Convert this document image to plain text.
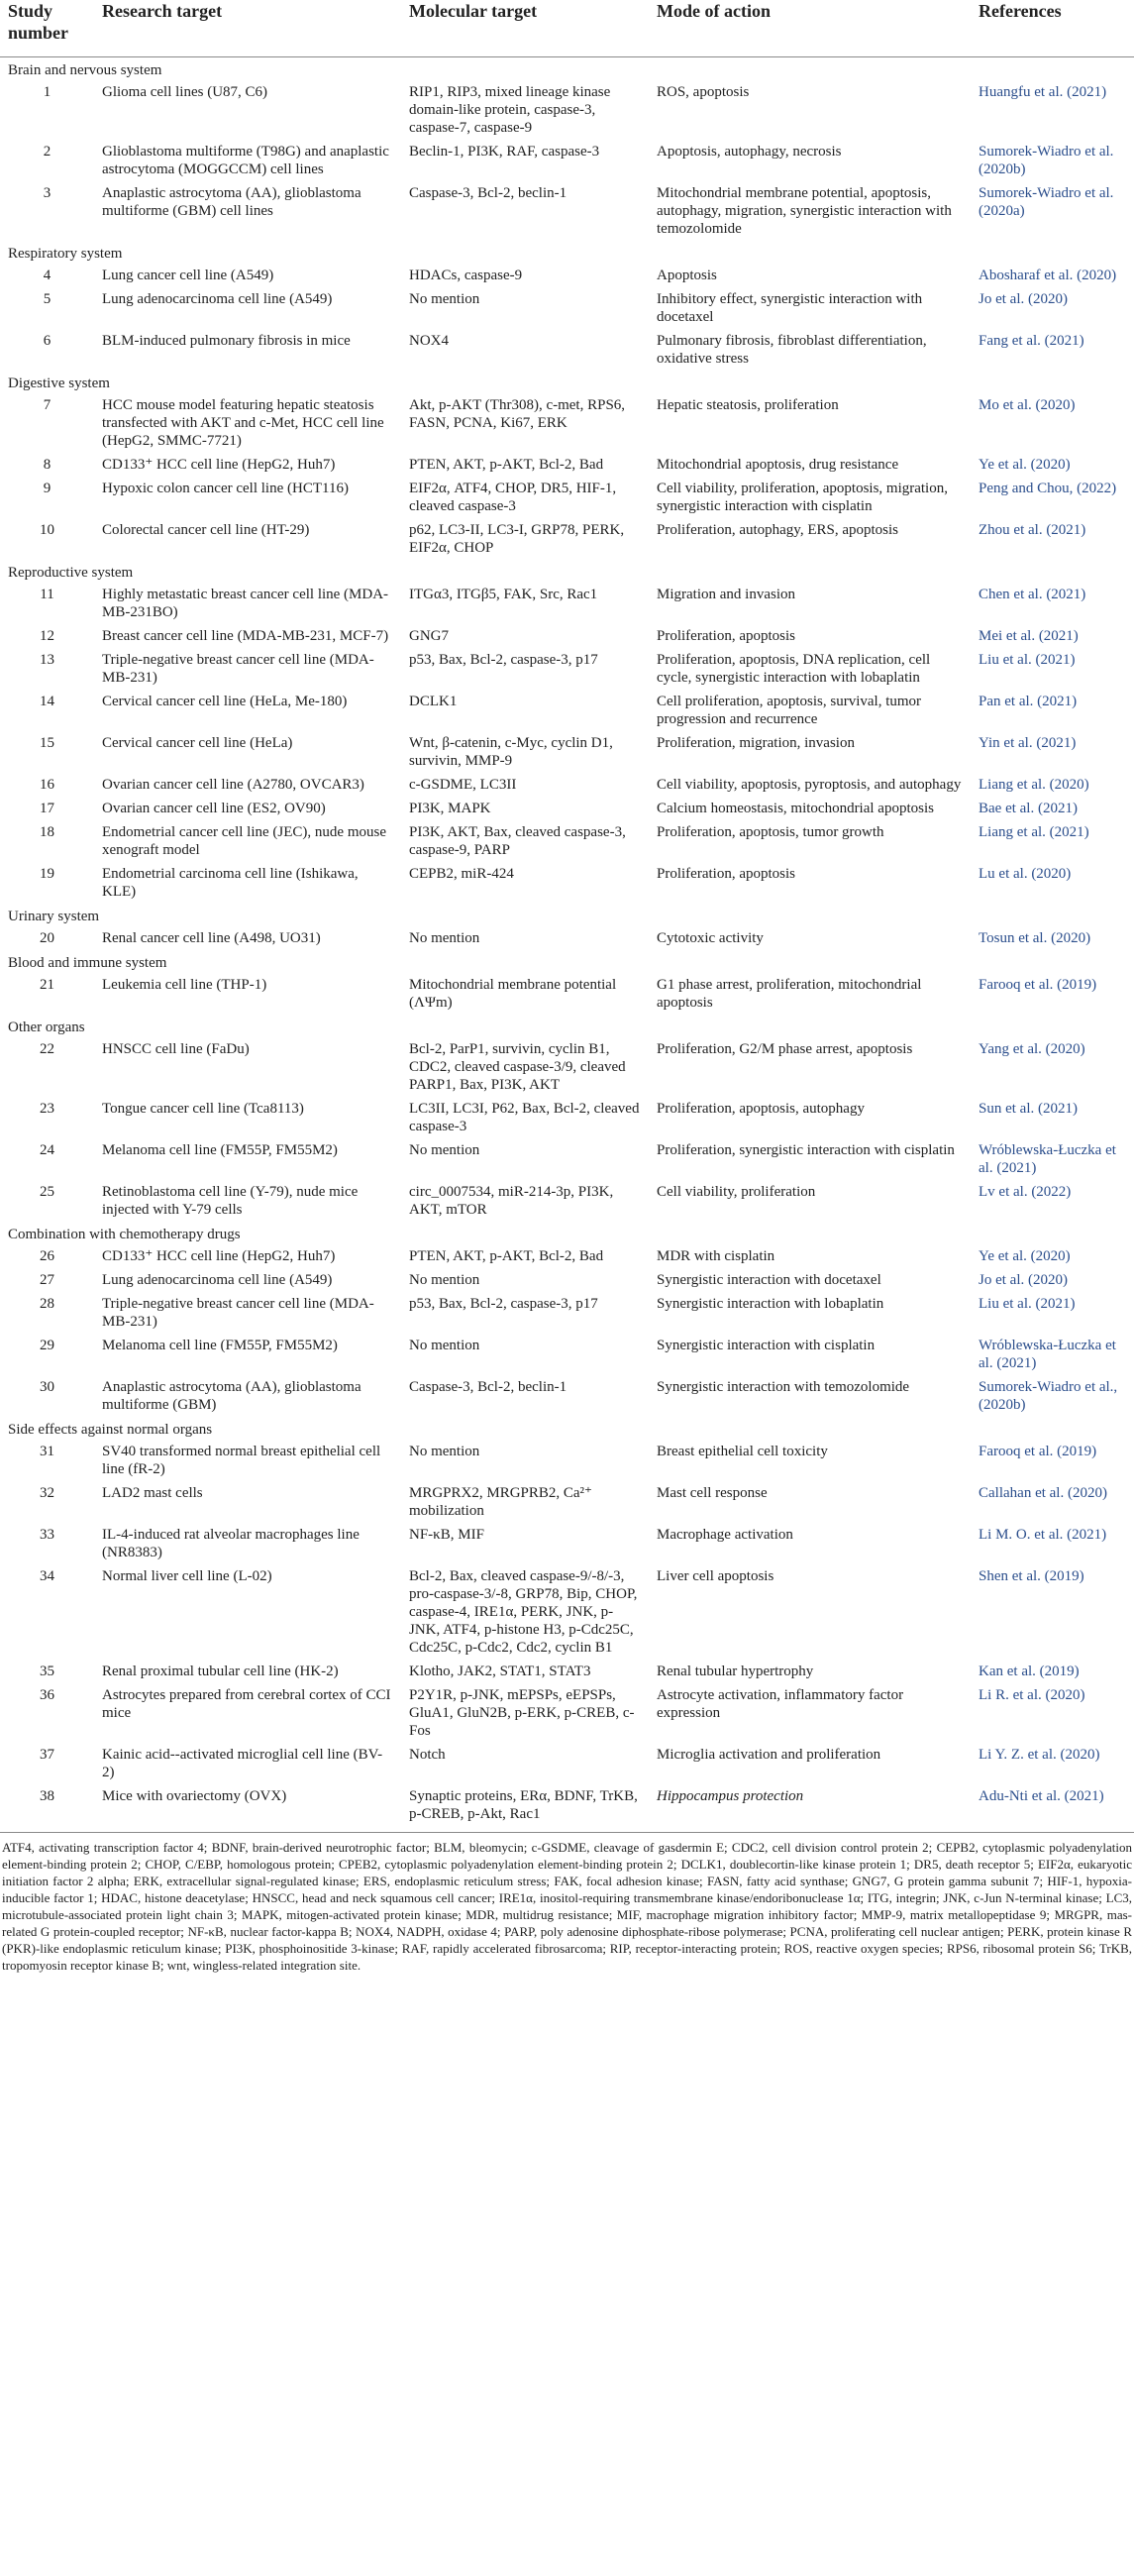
Study number	Research target	Molecular target	Mode of action	References
Brain and nervous system				
1	Glioma cell lines (U87, C6)	RIP1, RIP3, mixed lineage kinase domain-like protein, caspase-3, caspase-7, caspase-9	ROS, apoptosis	Huangfu et al. (2021)
2	Glioblastoma multiforme (T98G) and anaplastic astrocytoma (MOGGCCM) cell lines	Beclin-1, PI3K, RAF, caspase-3	Apoptosis, autophagy, necrosis	Sumorek-Wiadro et al. (2020b)
3	Anaplastic astrocytoma (AA), glioblastoma multiforme (GBM) cell lines	Caspase-3, Bcl-2, beclin-1	Mitochondrial membrane potential, apoptosis, autophagy, migration, synergistic interaction with temozolomide	Sumorek-Wiadro et al. (2020a)
Respiratory system				
4	Lung cancer cell line (A549)	HDACs, caspase-9	Apoptosis	Abosharaf et al. (2020)
5	Lung adenocarcinoma cell line (A549)	No mention	Inhibitory effect, synergistic interaction with docetaxel	Jo et al. (2020)
6	BLM-induced pulmonary fibrosis in mice	NOX4	Pulmonary fibrosis, fibroblast differentiation, oxidative stress	Fang et al. (2021)
Digestive system				
7	HCC mouse model featuring hepatic steatosis transfected with AKT and c-Met, HCC cell line (HepG2, SMMC-7721)	Akt, p-AKT (Thr308), c-met, RPS6, FASN, PCNA, Ki67, ERK	Hepatic steatosis, proliferation	Mo et al. (2020)
8	CD133⁺ HCC cell line (HepG2, Huh7)	PTEN, AKT, p-AKT, Bcl-2, Bad	Mitochondrial apoptosis, drug resistance	Ye et al. (2020)
9	Hypoxic colon cancer cell line (HCT116)	EIF2α, ATF4, CHOP, DR5, HIF-1, cleaved caspase-3	Cell viability, proliferation, apoptosis, migration, synergistic interaction with cisplatin	Peng and Chou, (2022)
10	Colorectal cancer cell line (HT-29)	p62, LC3-II, LC3-I, GRP78, PERK, EIF2α, CHOP	Proliferation, autophagy, ERS, apoptosis	Zhou et al. (2021)
Reproductive system				
11	Highly metastatic breast cancer cell line (MDA-MB-231BO)	ITGα3, ITGβ5, FAK, Src, Rac1	Migration and invasion	Chen et al. (2021)
12	Breast cancer cell line (MDA-MB-231, MCF-7)	GNG7	Proliferation, apoptosis	Mei et al. (2021)
13	Triple-negative breast cancer cell line (MDA-MB-231)	p53, Bax, Bcl-2, caspase-3, p17	Proliferation, apoptosis, DNA replication, cell cycle, synergistic interaction with lobaplatin	Liu et al. (2021)
14	Cervical cancer cell line (HeLa, Me-180)	DCLK1	Cell proliferation, apoptosis, survival, tumor progression and recurrence	Pan et al. (2021)
15	Cervical cancer cell line (HeLa)	Wnt, β-catenin, c-Myc, cyclin D1, survivin, MMP-9	Proliferation, migration, invasion	Yin et al. (2021)
16	Ovarian cancer cell line (A2780, OVCAR3)	c-GSDME, LC3II	Cell viability, apoptosis, pyroptosis, and autophagy	Liang et al. (2020)
17	Ovarian cancer cell line (ES2, OV90)	PI3K, MAPK	Calcium homeostasis, mitochondrial apoptosis	Bae et al. (2021)
18	Endometrial cancer cell line (JEC), nude mouse xenograft model	PI3K, AKT, Bax, cleaved caspase-3, caspase-9, PARP	Proliferation, apoptosis, tumor growth	Liang et al. (2021)
19	Endometrial carcinoma cell line (Ishikawa, KLE)	CEPB2, miR-424	Proliferation, apoptosis	Lu et al. (2020)
Urinary system				
20	Renal cancer cell line (A498, UO31)	No mention	Cytotoxic activity	Tosun et al. (2020)
Blood and immune system				
21	Leukemia cell line (THP-1)	Mitochondrial membrane potential (ΛΨm)	G1 phase arrest, proliferation, mitochondrial apoptosis	Farooq et al. (2019)
Other organs				
22	HNSCC cell line (FaDu)	Bcl-2, ParP1, survivin, cyclin B1, CDC2, cleaved caspase-3/9, cleaved PARP1, Bax, PI3K, AKT	Proliferation, G2/M phase arrest, apoptosis	Yang et al. (2020)
23	Tongue cancer cell line (Tca8113)	LC3II, LC3I, P62, Bax, Bcl-2, cleaved caspase-3	Proliferation, apoptosis, autophagy	Sun et al. (2021)
24	Melanoma cell line (FM55P, FM55M2)	No mention	Proliferation, synergistic interaction with cisplatin	Wróblewska-Łuczka et al. (2021)
25	Retinoblastoma cell line (Y-79), nude mice injected with Y-79 cells	circ_0007534, miR-214-3p, PI3K, AKT, mTOR	Cell viability, proliferation	Lv et al. (2022)
Combination with chemotherapy drugs				
26	CD133⁺ HCC cell line (HepG2, Huh7)	PTEN, AKT, p-AKT, Bcl-2, Bad	MDR with cisplatin	Ye et al. (2020)
27	Lung adenocarcinoma cell line (A549)	No mention	Synergistic interaction with docetaxel	Jo et al. (2020)
28	Triple-negative breast cancer cell line (MDA-MB-231)	p53, Bax, Bcl-2, caspase-3, p17	Synergistic interaction with lobaplatin	Liu et al. (2021)
29	Melanoma cell line (FM55P, FM55M2)	No mention	Synergistic interaction with cisplatin	Wróblewska-Łuczka et al. (2021)
30	Anaplastic astrocytoma (AA), glioblastoma multiforme (GBM)	Caspase-3, Bcl-2, beclin-1	Synergistic interaction with temozolomide	Sumorek-Wiadro et al., (2020b)
Side effects against normal organs				
31	SV40 transformed normal breast epithelial cell line (fR-2)	No mention	Breast epithelial cell toxicity	Farooq et al. (2019)
32	LAD2 mast cells	MRGPRX2, MRGPRB2, Ca²⁺ mobilization	Mast cell response	Callahan et al. (2020)
33	IL-4-induced rat alveolar macrophages line (NR8383)	NF-κB, MIF	Macrophage activation	Li M. O. et al. (2021)
34	Normal liver cell line (L-02)	Bcl-2, Bax, cleaved caspase-9/-8/-3, pro-caspase-3/-8, GRP78, Bip, CHOP, caspase-4, IRE1α, PERK, JNK, p-JNK, ATF4, p-histone H3, p-Cdc25C, Cdc25C, p-Cdc2, Cdc2, cyclin B1	Liver cell apoptosis	Shen et al. (2019)
35	Renal proximal tubular cell line (HK-2)	Klotho, JAK2, STAT1, STAT3	Renal tubular hypertrophy	Kan et al. (2019)
36	Astrocytes prepared from cerebral cortex of CCI mice	P2Y1R, p-JNK, mEPSPs, eEPSPs, GluA1, GluN2B, p-ERK, p-CREB, c-Fos	Astrocyte activation, inflammatory factor expression	Li R. et al. (2020)
37	Kainic acid--activated microglial cell line (BV-2)	Notch	Microglia activation and proliferation	Li Y. Z. et al. (2020)
38	Mice with ovariectomy (OVX)	Synaptic proteins, ERα, BDNF, TrKB, p-CREB, p-Akt, Rac1	Hippocampus protection	Adu-Nti et al. (2021)
ATF4, activating transcription factor 4; BDNF, brain-derived neurotrophic factor; BLM, bleomycin; c-GSDME, cleavage of gasdermin E; CDC2, cell division control protein 2; CEPB2, cytoplasmic polyadenylation element-binding protein 2; CHOP, C/EBP, homologous protein; CPEB2, cytoplasmic polyadenylation element-binding protein 2; DCLK1, doublecortin-like kinase protein 1; DR5, death receptor 5; EIF2α, eukaryotic initiation factor 2 alpha; ERK, extracellular signal-regulated kinase; ERS, endoplasmic reticulum stress; FAK, focal adhesion kinase; FASN, fatty acid synthase; GNG7, G protein gamma subunit 7; HIF-1, hypoxia-inducible factor 1; HDAC, histone deacetylase; HNSCC, head and neck squamous cell cancer; IRE1α, inositol-requiring transmembrane kinase/endoribonuclease 1α; ITG, integrin; JNK, c-Jun N-terminal kinase; LC3, microtubule-associated protein light chain 3; MAPK, mitogen-activated protein kinase; MDR, multidrug resistance; MIF, macrophage migration inhibitory factor; MMP-9, matrix metallopeptidase 9; MRGPR, mas-related G protein-coupled receptor; NF-κB, nuclear factor-kappa B; NOX4, NADPH, oxidase 4; PARP, poly adenosine diphosphate-ribose polymerase; PCNA, proliferating cell nuclear antigen; PERK, protein kinase R (PKR)-like endoplasmic reticulum kinase; PI3K, phosphoinositide 3-kinase; RAF, rapidly accelerated fibrosarcoma; RIP, receptor-interacting protein; ROS, reactive oxygen species; RPS6, ribosomal protein S6; TrKB, tropomyosin receptor kinase B; wnt, wingless-related integration site.
